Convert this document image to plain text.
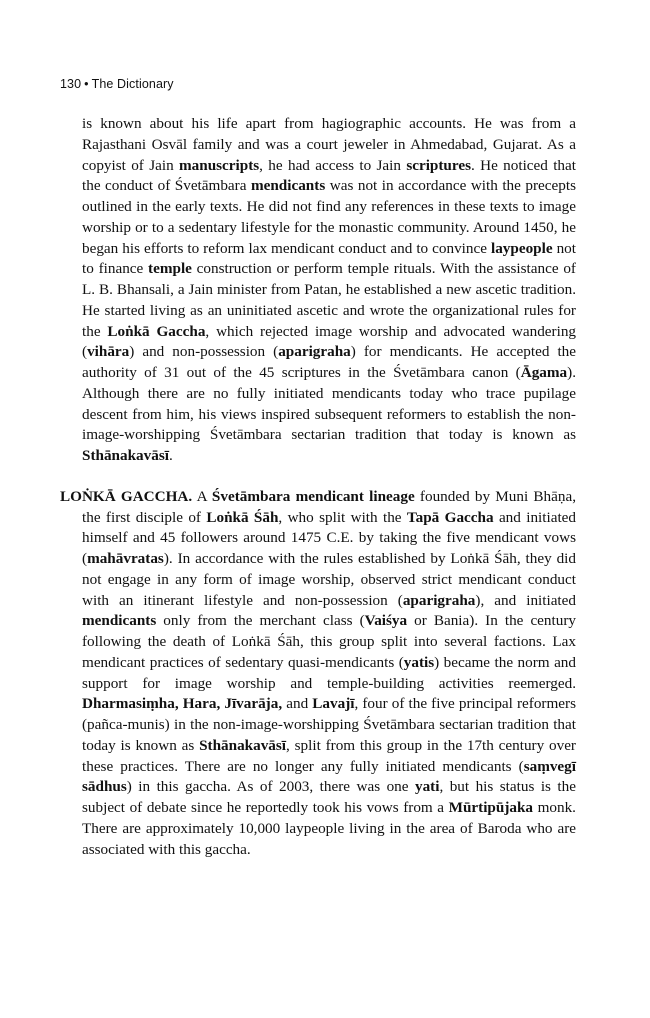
130 • The Dictionary

is known about his life apart from hagiographic accounts. He was from a Rajasthani Osvāl family and was a court jeweler in Ahmedabad, Gujarat. As a copyist of Jain manuscripts, he had access to Jain scriptures. He noticed that the conduct of Śvetāmbara mendicants was not in accordance with the precepts outlined in the early texts. He did not find any references in these texts to image worship or to a sedentary lifestyle for the monastic community. Around 1450, he began his efforts to reform lax mendicant conduct and to convince laypeople not to finance temple construction or perform temple rituals. With the assistance of L. B. Bhansali, a Jain minister from Patan, he established a new ascetic tradition. He started living as an uninitiated ascetic and wrote the organizational rules for the Loṅkā Gaccha, which rejected image worship and advocated wandering (vihāra) and non-possession (aparigraha) for mendicants. He accepted the authority of 31 out of the 45 scriptures in the Śvetāmbara canon (Āgama). Although there are no fully initiated mendicants today who trace pupilage descent from him, his views inspired subsequent reformers to establish the non-image-worshipping Śvetāmbara sectarian tradition that today is known as Sthānakavāsī.

LOṄKĀ GACCHA. A Śvetāmbara mendicant lineage founded by Muni Bhāṇa, the first disciple of Loṅkā Śāh, who split with the Tapā Gaccha and initiated himself and 45 followers around 1475 C.E. by taking the five mendicant vows (mahāvratas). In accordance with the rules established by Loṅkā Śāh, they did not engage in any form of image worship, observed strict mendicant conduct with an itinerant lifestyle and non-possession (aparigraha), and initiated mendicants only from the merchant class (Vaiśya or Bania). In the century following the death of Loṅkā Śāh, this group split into several factions. Lax mendicant practices of sedentary quasi-mendicants (yatis) became the norm and support for image worship and temple-building activities reemerged. Dharmasiṃha, Hara, Jīvarāja, and Lavajī, four of the five principal reformers (pañca-munis) in the non-image-worshipping Śvetāmbara sectarian tradition that today is known as Sthānakavāsī, split from this group in the 17th century over these practices. There are no longer any fully initiated mendicants (saṃvegī sādhus) in this gaccha. As of 2003, there was one yati, but his status is the subject of debate since he reportedly took his vows from a Mūrtipūjaka monk. There are approximately 10,000 laypeople living in the area of Baroda who are associated with this gaccha.
